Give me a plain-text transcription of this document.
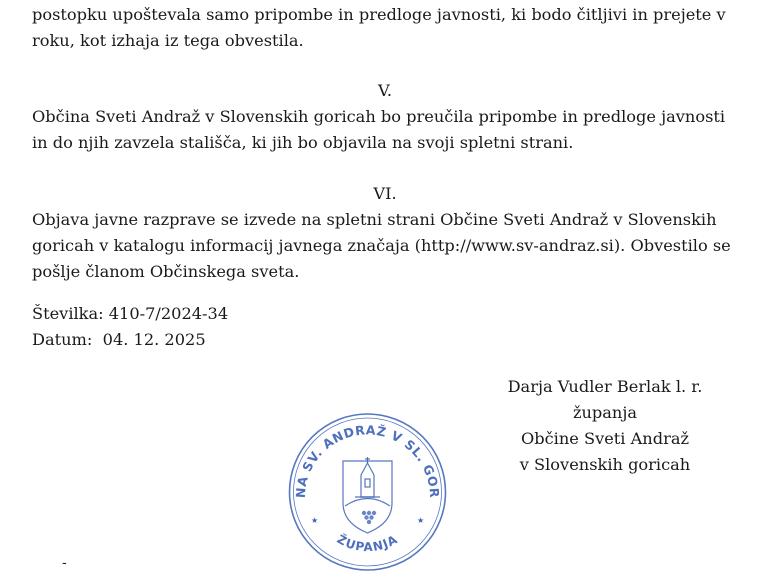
postopku upoštevala samo pripombe in predloge javnosti, ki bodo čitljivi in prejete v
roku, kot izhaja iz tega obvestila.

V.

Občina Sveti Andraž v Slovenskih goricah bo preučila pripombe in predloge javnosti
in do njih zavzela stališča, ki jih bo objavila na svoji spletni strani.

VI.

Objava javne razprave se izvede na spletni strani Občine Sveti Andraž v Slovenskih
goricah v katalogu informacij javnega značaja (http://www.sv-andraz.si). Obvestilo se
pošlje članom Občinskega sveta.

Številka: 410-7/2024-34

Datum:  04. 12. 2025

Darja Vudler Berlak l. r.

županja

Občine Sveti Andraž

v Slovenskih goricah

NA SV. ANDRAŽ V SL. GOR
ŽUPANJA
★	★
-
